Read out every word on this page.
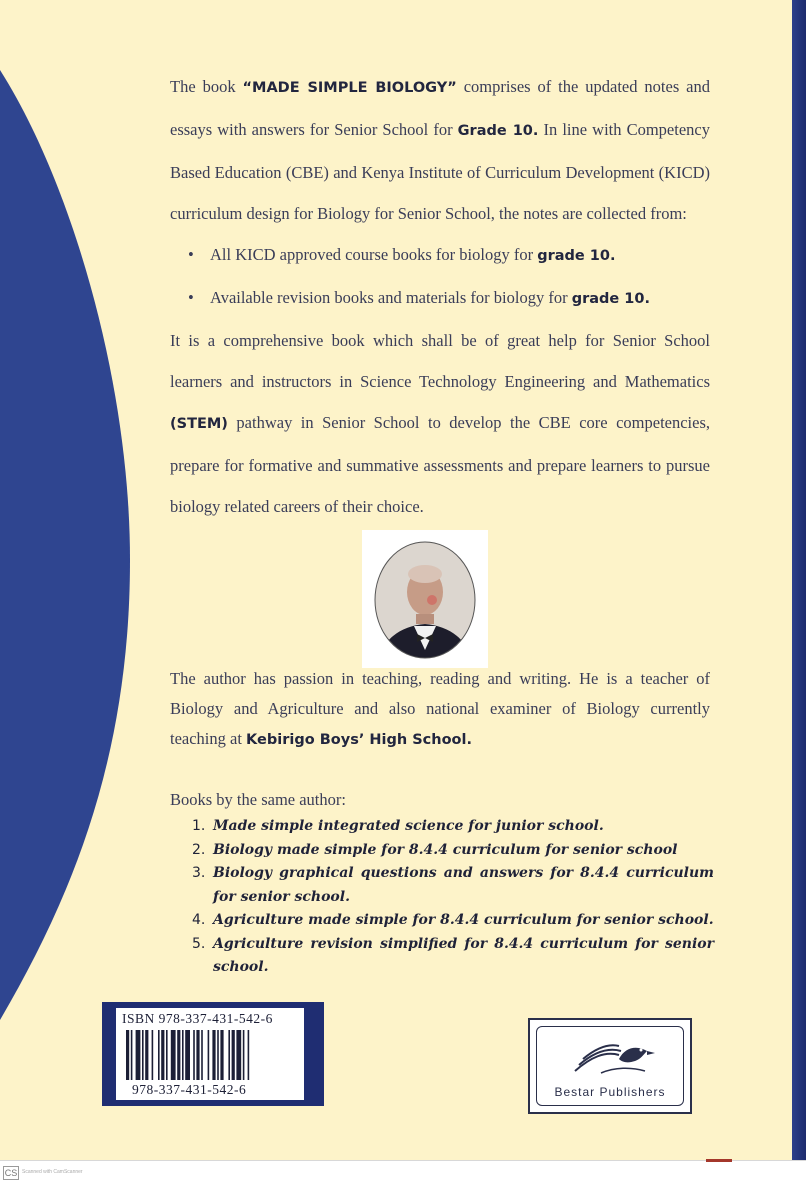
The book “MADE SIMPLE BIOLOGY” comprises of the updated notes and essays with answers for Senior School for Grade 10. In line with Competency Based Education (CBE) and Kenya Institute of Curriculum Development (KICD) curriculum design for Biology for Senior School, the notes are collected from:

• All KICD approved course books for biology for grade 10.
• Available revision books and materials for biology for grade 10.

It is a comprehensive book which shall be of great help for Senior School learners and instructors in Science Technology Engineering and Mathematics (STEM) pathway in Senior School to develop the CBE core competencies, prepare for formative and summative assessments and prepare learners to pursue biology related careers of their choice.

The author has passion in teaching, reading and writing. He is a teacher of Biology and Agriculture and also national examiner of Biology currently teaching at Kebirigo Boys’ High School.

Books by the same author:
1. Made simple integrated science for junior school.
2. Biology made simple for 8.4.4 curriculum for senior school
3. Biology graphical questions and answers for 8.4.4 curriculum for senior school.
4. Agriculture made simple for 8.4.4 curriculum for senior school.
5. Agriculture revision simplified for 8.4.4 curriculum for senior school.
ISBN 978-337-431-542-6
978-337-431-542-6	Bestar Publishers
CS Scanned with CamScanner
